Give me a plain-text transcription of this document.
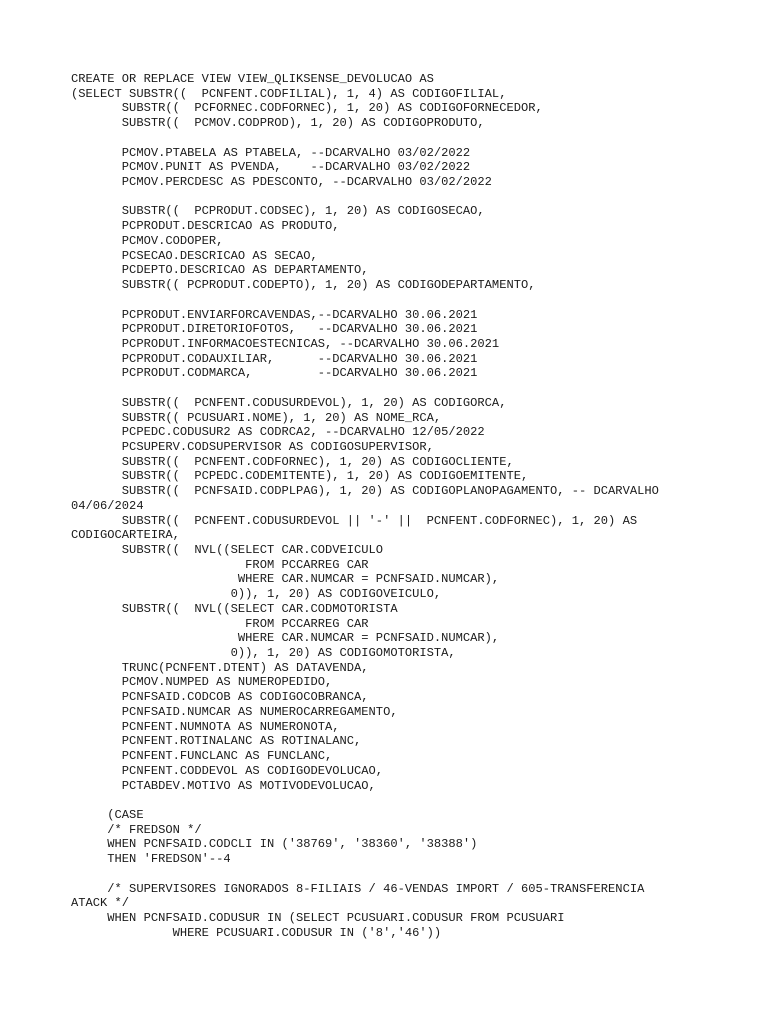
CREATE OR REPLACE VIEW VIEW_QLIKSENSE_DEVOLUCAO AS
(SELECT SUBSTR((  PCNFENT.CODFILIAL), 1, 4) AS CODIGOFILIAL,
SUBSTR((  PCFORNEC.CODFORNEC), 1, 20) AS CODIGOFORNECEDOR,
SUBSTR((  PCMOV.CODPROD), 1, 20) AS CODIGOPRODUTO,
PCMOV.PTABELA AS PTABELA, --DCARVALHO 03/02/2022
PCMOV.PUNIT AS PVENDA,    --DCARVALHO 03/02/2022
PCMOV.PERCDESC AS PDESCONTO, --DCARVALHO 03/02/2022
SUBSTR((  PCPRODUT.CODSEC), 1, 20) AS CODIGOSECAO,
PCPRODUT.DESCRICAO AS PRODUTO,
PCMOV.CODOPER,
PCSECAO.DESCRICAO AS SECAO,
PCDEPTO.DESCRICAO AS DEPARTAMENTO,
SUBSTR(( PCPRODUT.CODEPTO), 1, 20) AS CODIGODEPARTAMENTO,
PCPRODUT.ENVIARFORCAVENDAS,--DCARVALHO 30.06.2021
PCPRODUT.DIRETORIOFOTOS,   --DCARVALHO 30.06.2021
PCPRODUT.INFORMACOESTECNICAS, --DCARVALHO 30.06.2021
PCPRODUT.CODAUXILIAR,      --DCARVALHO 30.06.2021
PCPRODUT.CODMARCA,         --DCARVALHO 30.06.2021
SUBSTR((  PCNFENT.CODUSURDEVOL), 1, 20) AS CODIGORCA,
SUBSTR(( PCUSUARI.NOME), 1, 20) AS NOME_RCA,
PCPEDC.CODUSUR2 AS CODRCA2, --DCARVALHO 12/05/2022
PCSUPERV.CODSUPERVISOR AS CODIGOSUPERVISOR,
SUBSTR((  PCNFENT.CODFORNEC), 1, 20) AS CODIGOCLIENTE,
SUBSTR((  PCPEDC.CODEMITENTE), 1, 20) AS CODIGOEMITENTE,
SUBSTR((  PCNFSAID.CODPLPAG), 1, 20) AS CODIGOPLANOPAGAMENTO, -- DCARVALHO
04/06/2024
SUBSTR((  PCNFENT.CODUSURDEVOL || '-' ||  PCNFENT.CODFORNEC), 1, 20) AS
CODIGOCARTEIRA,
SUBSTR((  NVL((SELECT CAR.CODVEICULO
FROM PCCARREG CAR
WHERE CAR.NUMCAR = PCNFSAID.NUMCAR),
0)), 1, 20) AS CODIGOVEICULO,
SUBSTR((  NVL((SELECT CAR.CODMOTORISTA
FROM PCCARREG CAR
WHERE CAR.NUMCAR = PCNFSAID.NUMCAR),
0)), 1, 20) AS CODIGOMOTORISTA,
TRUNC(PCNFENT.DTENT) AS DATAVENDA,
PCMOV.NUMPED AS NUMEROPEDIDO,
PCNFSAID.CODCOB AS CODIGOCOBRANCA,
PCNFSAID.NUMCAR AS NUMEROCARREGAMENTO,
PCNFENT.NUMNOTA AS NUMERONOTA,
PCNFENT.ROTINALANC AS ROTINALANC,
PCNFENT.FUNCLANC AS FUNCLANC,
PCNFENT.CODDEVOL AS CODIGODEVOLUCAO,
PCTABDEV.MOTIVO AS MOTIVODEVOLUCAO,
(CASE
/* FREDSON */
WHEN PCNFSAID.CODCLI IN ('38769', '38360', '38388')
THEN 'FREDSON'--4
/* SUPERVISORES IGNORADOS 8-FILIAIS / 46-VENDAS IMPORT / 605-TRANSFERENCIA
ATACK */
WHEN PCNFSAID.CODUSUR IN (SELECT PCUSUARI.CODUSUR FROM PCUSUARI
WHERE PCUSUARI.CODUSUR IN ('8','46'))
